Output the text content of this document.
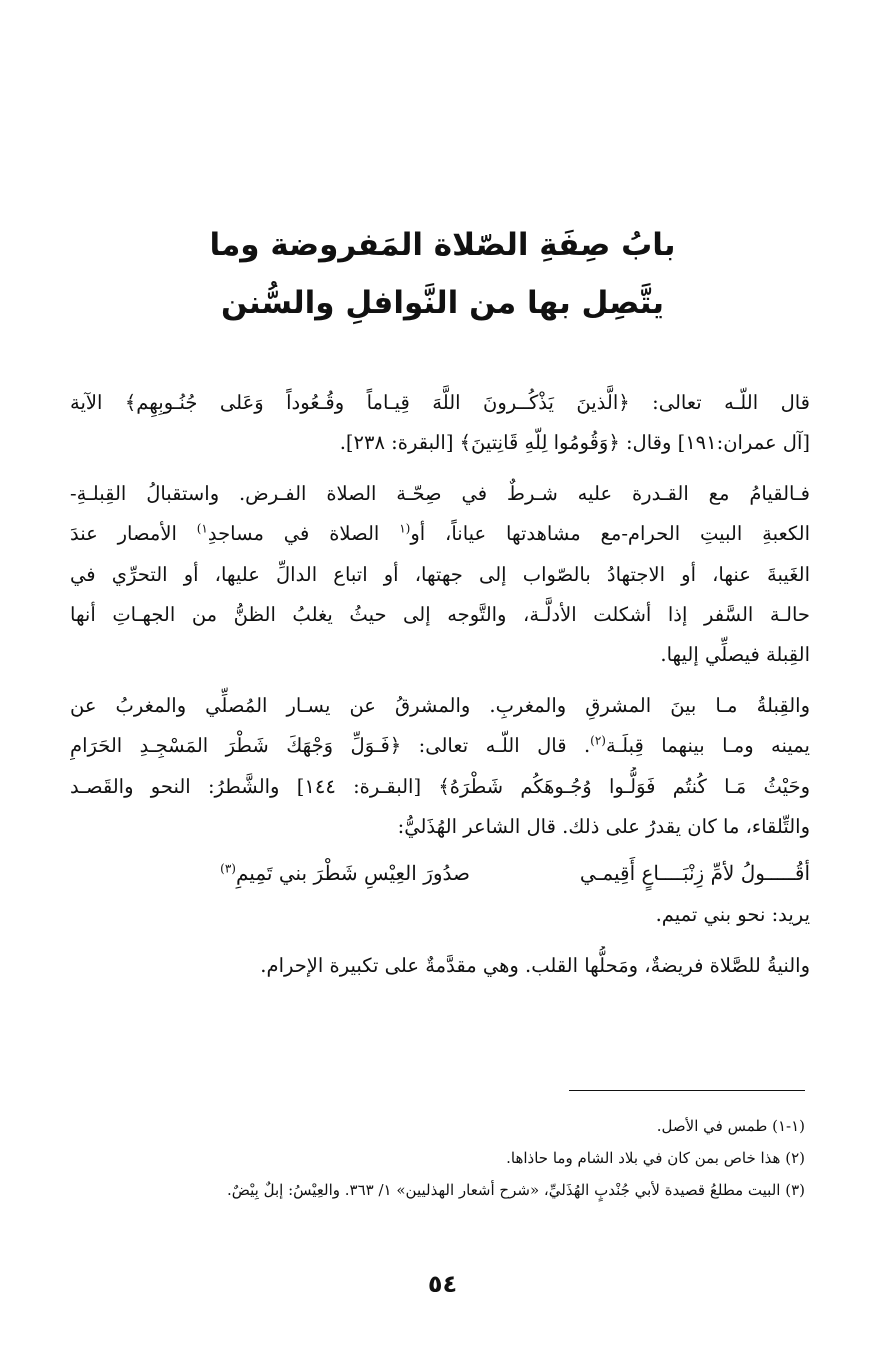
بابُ صِفَةِ الصّلاة المَفروضة وما
يتَّصِل بها من النَّوافلِ والسُّنن
قال اللّـه تعالى: ﴿الَّذينَ يَذْكُــرونَ اللَّهَ قِيـاماً وقُـعُوداً وَعَلى جُنُـوبِهِم﴾ الآية
[آل عمران:١٩١] وقال: ﴿وَقُومُوا لِلّهِ قَانِتينَ﴾ [البقرة: ٢٣٨].
فـالقيامُ مع القـدرة عليه شـرطٌ في صِحّـة الصلاة الفـرض. واستقبالُ القِبلـةِ-
الكعبةِ البيتِ الحرام-مع مشاهدتها عياناً، أو$^{(١}$ الصلاة في مساجدِ$^{١)}$ الأمصار عندَ
الغَيبةَ عنها، أو الاجتهادُ بالصّواب إلى جهتها، أو اتباع الدالِّ عليها، أو التحرِّي في
حالـة السَّفر إذا أشكلت الأدلَّـة، والتَّوجه إلى حيثُ يغلبُ الظنُّ من الجهـاتِ أنها
القِبلة فيصلِّي إليها.
والقِبلةُ مـا بينَ المشرقِ والمغربِ. والمشرقُ عن يسـار المُصلِّي والمغربُ عن
يمينه ومـا بينهما قِبلَـة$^{(٢)}$. قال اللّـه تعالى: ﴿فَـوَلِّ وَجْهَكَ شَطْرَ المَسْجِـدِ الحَرَامِ
وحَيْثُ مَـا كُنتُم فَوَلُّـوا وُجُـوهَكُم شَطْرَهُ﴾ [البقـرة: ١٤٤] والشَّطرُ: النحو والقَصـد
والتِّلقاء، ما كان يقدرُ على ذلك. قال الشاعر الهُذَليُّ:
أقُـــــولُ لأمِّ زِنْبَــــاعٍ أَقِيمـي
صدُورَ العِيْسِ شَطْرَ بني تَمِيمِ$^{(٣)}$
يريد: نحو بني تميم.
والنيةُ للصَّلاة فريضةٌ، ومَحلُّها القلب. وهي مقدَّمةٌ على تكبيرة الإحرام.
(١-١) طمس في الأصل.
(٢) هذا خاص بمن كان في بلاد الشام وما حاذاها.
(٣) البيت مطلعُ قصيدة لأبي جُنْدبٍ الهُذَليِّ، «شرح أشعار الهذليين» ١/ ٣٦٣. والعِيْسُ: إبلٌ بِيْضٌ.
٥٤
